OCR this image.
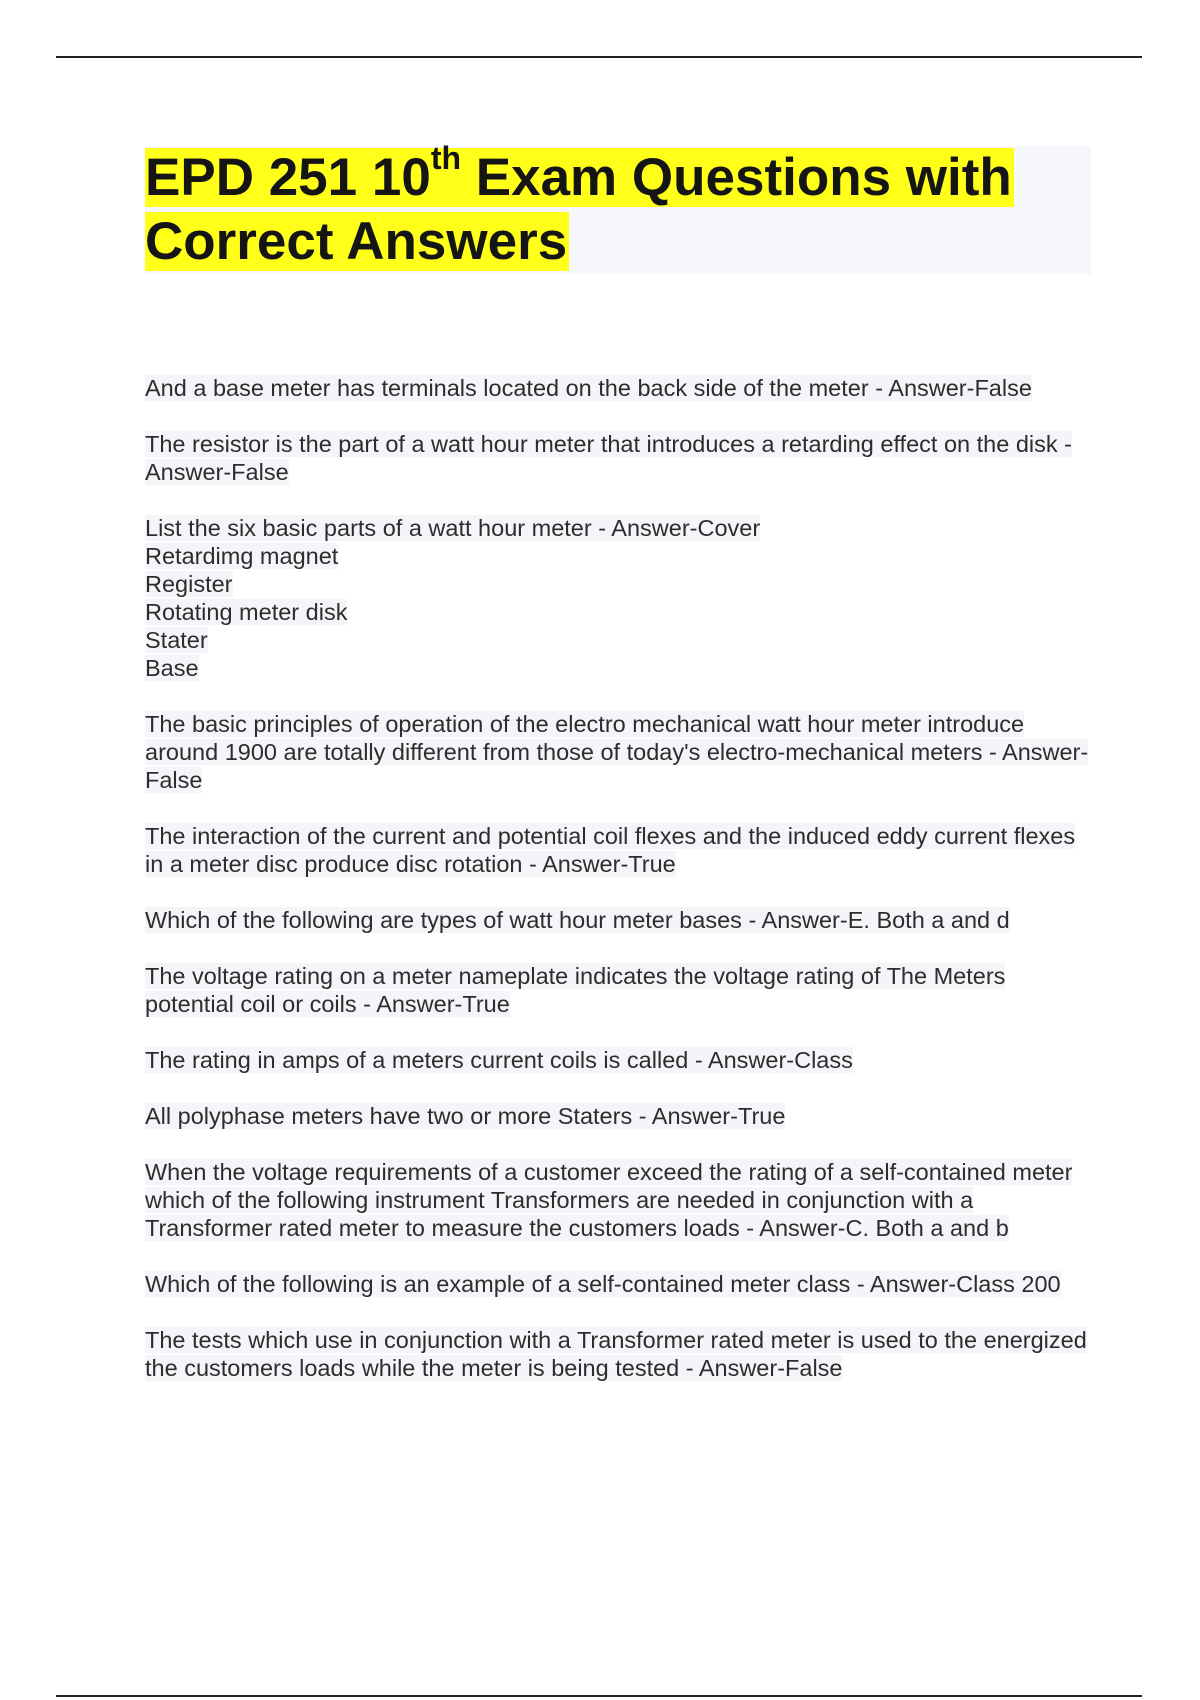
EPD 251 10th Exam Questions with
Correct Answers

And a base meter has terminals located on the back side of the meter - Answer-False

The resistor is the part of a watt hour meter that introduces a retarding effect on the disk - Answer-False

List the six basic parts of a watt hour meter - Answer-Cover
Retardimg magnet
Register
Rotating meter disk
Stater
Base

The basic principles of operation of the electro mechanical watt hour meter introduce around 1900 are totally different from those of today's electro-mechanical meters - Answer-False

The interaction of the current and potential coil flexes and the induced eddy current flexes in a meter disc produce disc rotation - Answer-True

Which of the following are types of watt hour meter bases - Answer-E. Both a and d

The voltage rating on a meter nameplate indicates the voltage rating of The Meters potential coil or coils - Answer-True

The rating in amps of a meters current coils is called - Answer-Class

All polyphase meters have two or more Staters - Answer-True

When the voltage requirements of a customer exceed the rating of a self-contained meter which of the following instrument Transformers are needed in conjunction with a Transformer rated meter to measure the customers loads - Answer-C. Both a and b

Which of the following is an example of a self-contained meter class - Answer-Class 200

The tests which use in conjunction with a Transformer rated meter is used to the energized the customers loads while the meter is being tested - Answer-False
